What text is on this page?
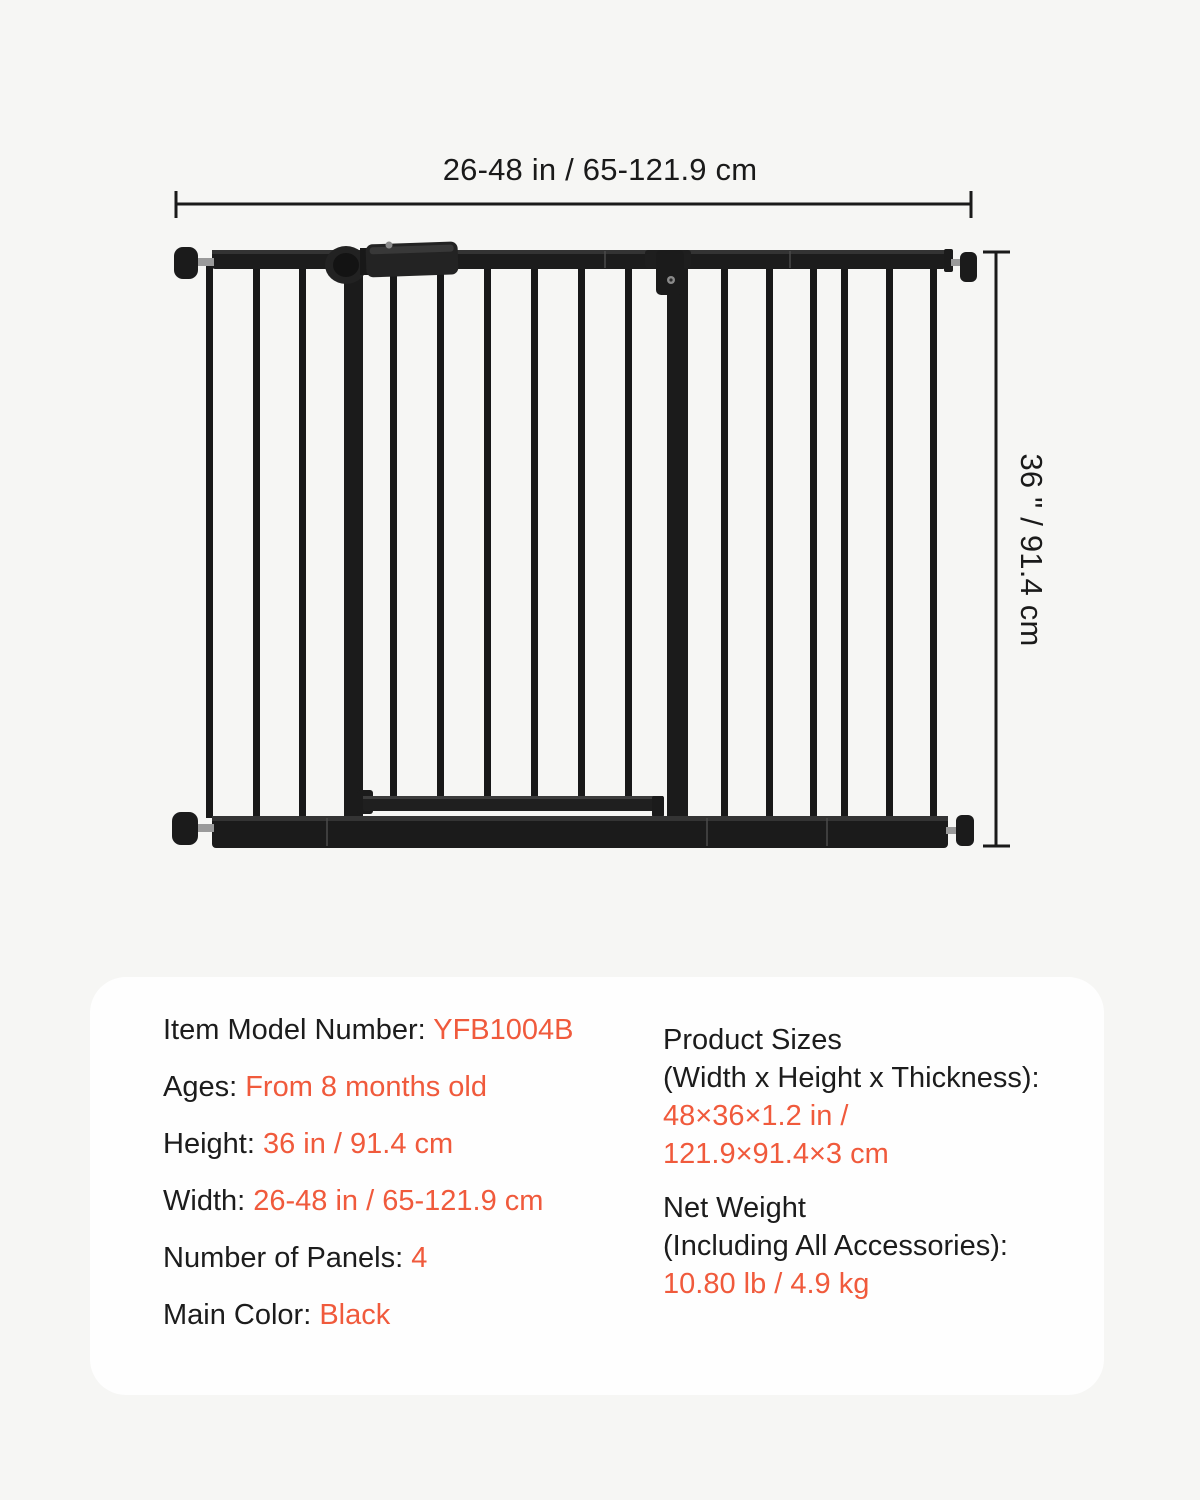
26-48 in / 65-121.9 cm
36 " / 91.4 cm
Item Model Number: YFB1004B
Ages: From 8 months old
Height: 36 in / 91.4 cm
Width: 26-48 in / 65-121.9 cm
Number of Panels: 4
Main Color: Black
Product Sizes
(Width x Height x Thickness):
48×36×1.2 in /
121.9×91.4×3 cm
Net Weight
(Including All Accessories):
10.80 lb / 4.9 kg
